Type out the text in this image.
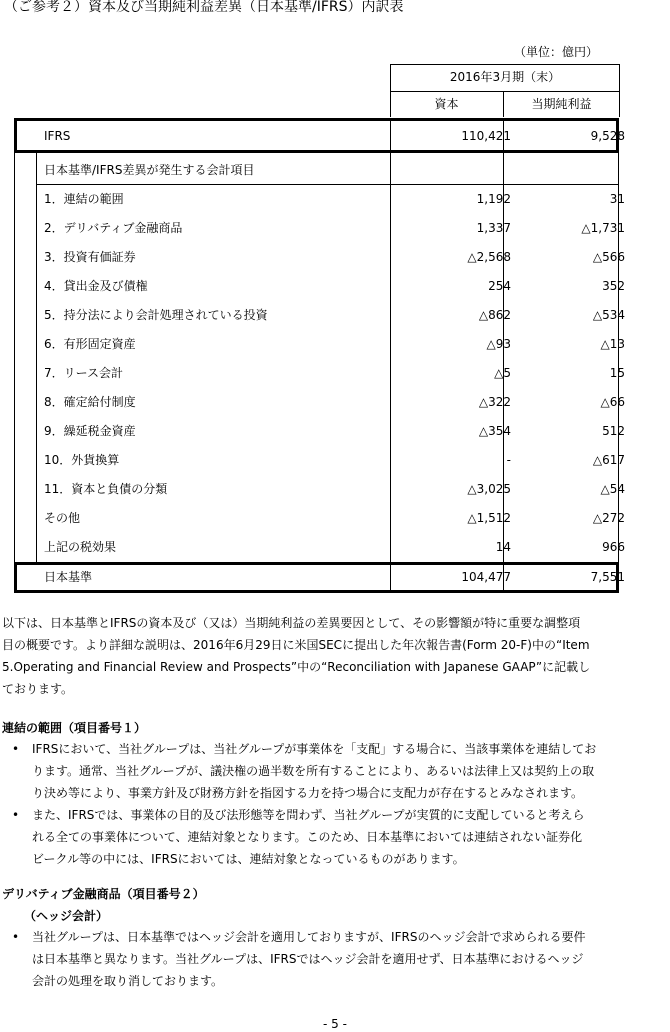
（ご参考２）資本及び当期純利益差異（日本基準/IFRS）内訳表
（単位：億円）
2016年3月期（末）
資本	当期純利益
IFRS	110,421	9,528
日本基準/IFRS差異が発生する会計項目
1．連結の範囲	1,192	31
2．デリバティブ金融商品	1,337	△1,731
3．投資有価証券	△2,568	△566
4．貸出金及び債権	254	352
5．持分法により会計処理されている投資	△862	△534
6．有形固定資産	△93	△13
7．リース会計	△5	15
8．確定給付制度	△322	△66
9．繰延税金資産	△354	512
10．外貨換算	-	△617
11．資本と負債の分類	△3,025	△54
その他	△1,512	△272
上記の税効果	14	966
日本基準	104,477	7,551

以下は、日本基準とIFRSの資本及び（又は）当期純利益の差異要因として、その影響額が特に重要な調整項

目の概要です。より詳細な説明は、2016年6月29日に米国SECに提出した年次報告書(Form 20-F)中の“Item

5.Operating and Financial Review and Prospects”中の“Reconciliation with Japanese GAAP”に記載し

ております。

連結の範囲（項目番号１）
•	IFRSにおいて、当社グループは、当社グループが事業体を「支配」する場合に、当該事業体を連結してお
ります。通常、当社グループが、議決権の過半数を所有することにより、あるいは法律上又は契約上の取
り決め等により、事業方針及び財務方針を指図する力を持つ場合に支配力が存在するとみなされます。
•	また、IFRSでは、事業体の目的及び法形態等を問わず、当社グループが実質的に支配していると考えら
れる全ての事業体について、連結対象となります。このため、日本基準においては連結されない証券化
ビークル等の中には、IFRSにおいては、連結対象となっているものがあります。
デリバティブ金融商品（項目番号２）
（ヘッジ会計）
•	当社グループは、日本基準ではヘッジ会計を適用しておりますが、IFRSのヘッジ会計で求められる要件
は日本基準と異なります。当社グループは、IFRSではヘッジ会計を適用せず、日本基準におけるヘッジ
会計の処理を取り消しております。
- 5 -
